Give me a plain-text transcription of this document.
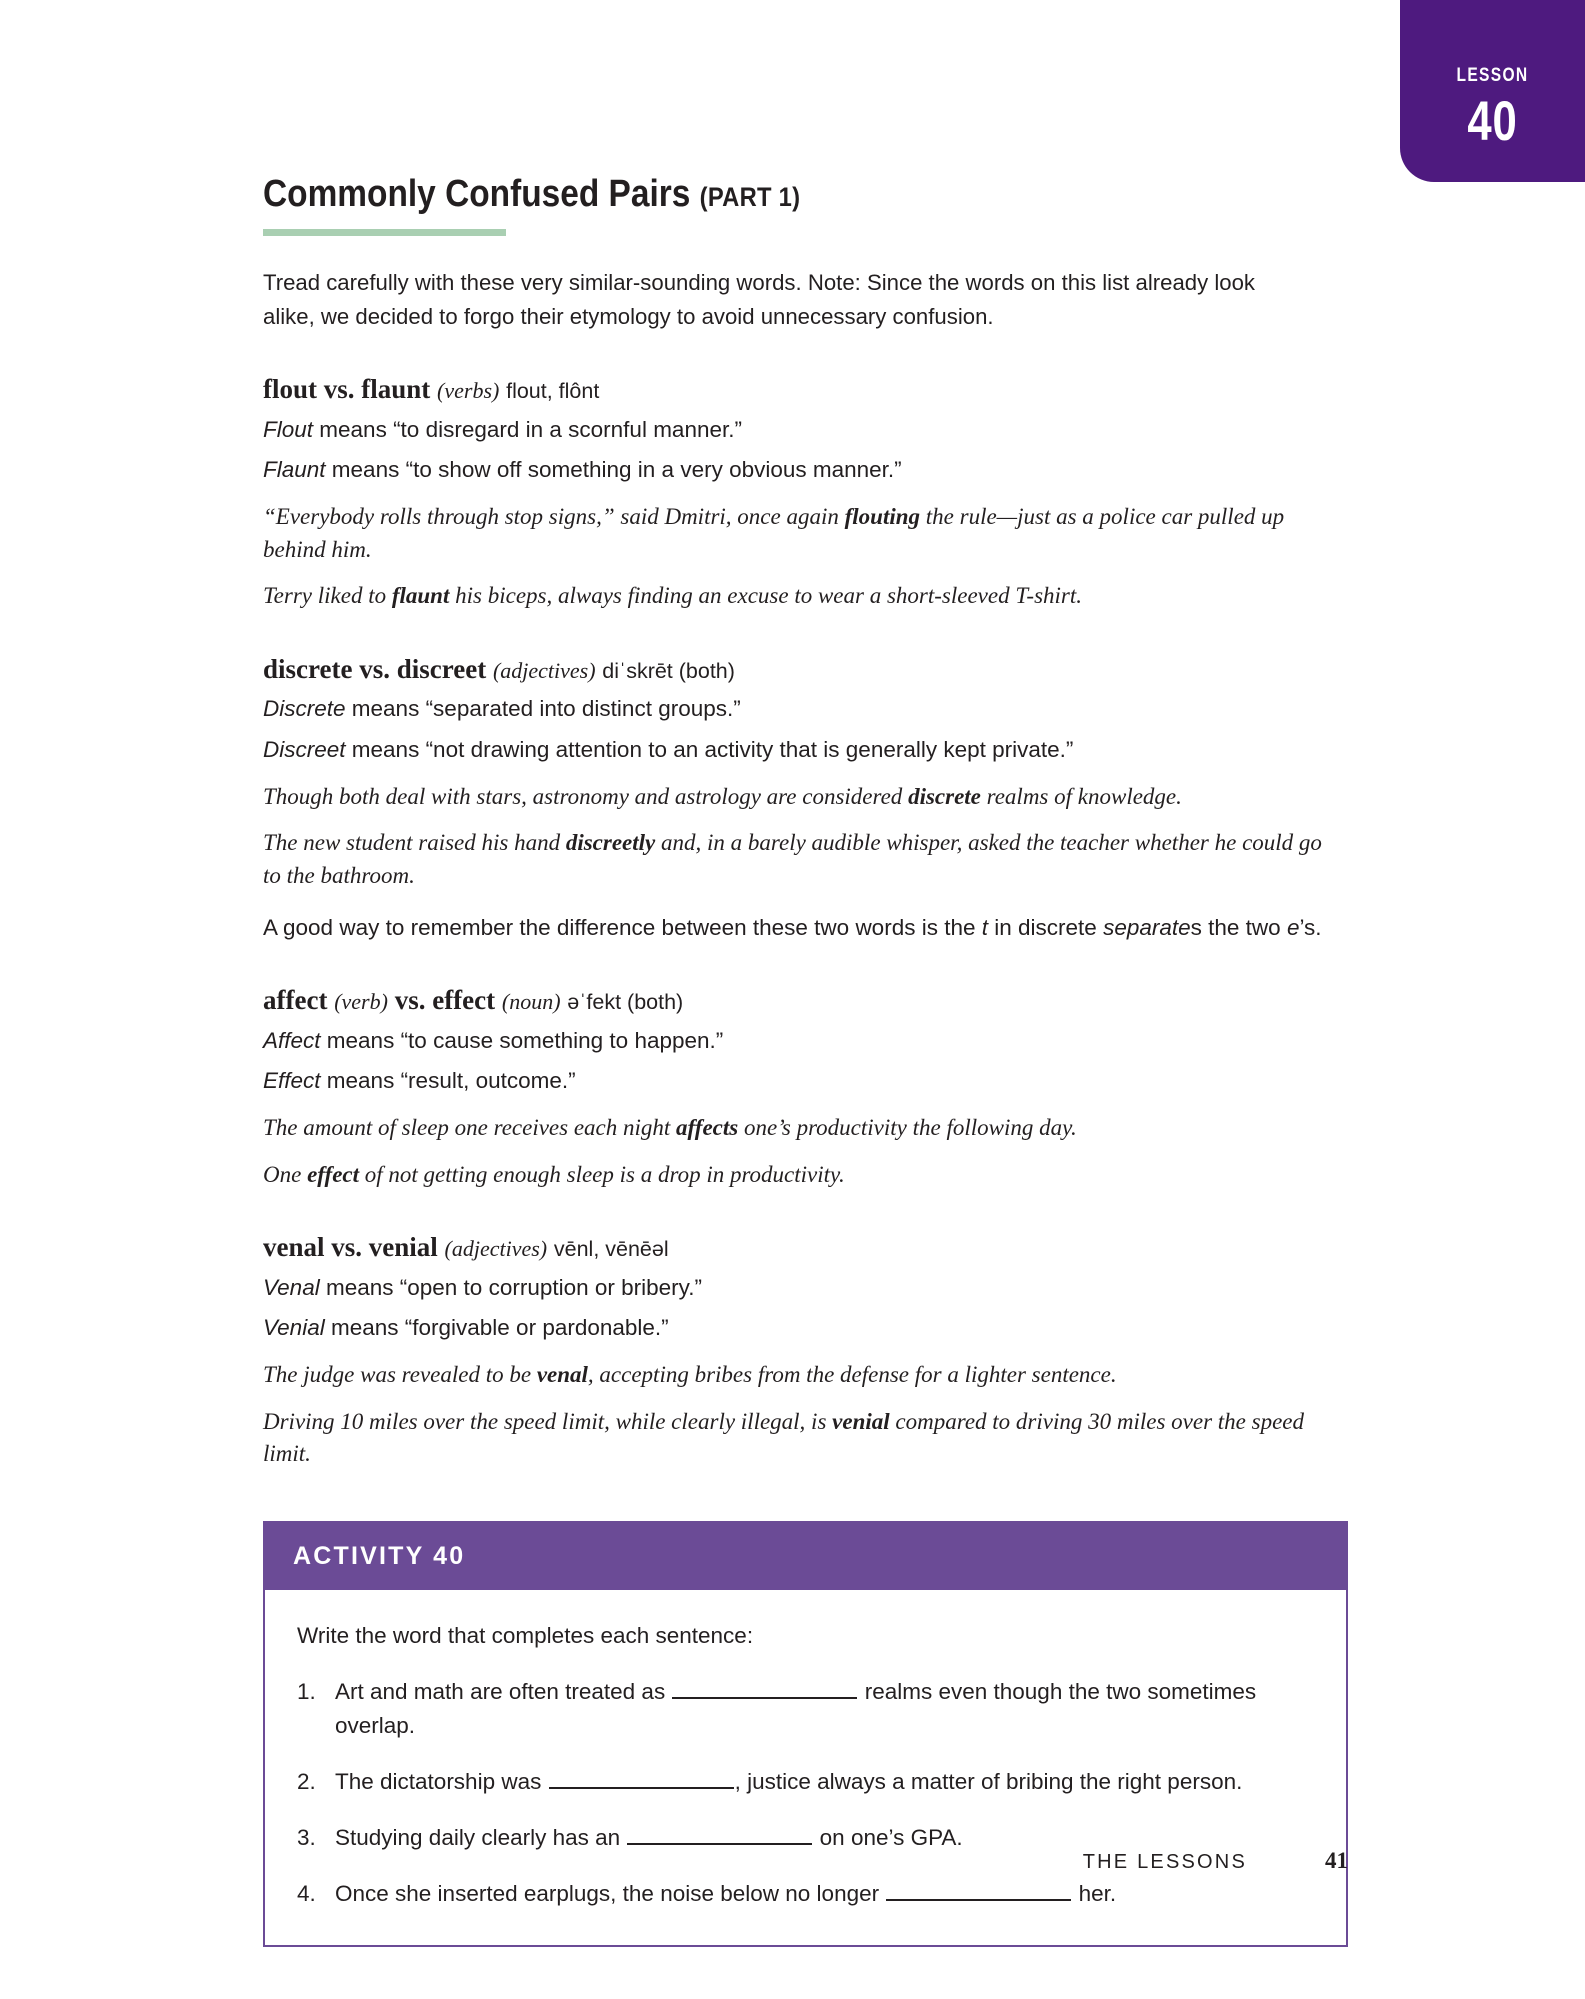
LESSON
40
Commonly Confused Pairs (PART 1)
Tread carefully with these very similar-sounding words. Note: Since the words on this list already look alike, we decided to forgo their etymology to avoid unnecessary confusion.
flout vs. flaunt (verbs) flout, flônt
Flout means “to disregard in a scornful manner.”
Flaunt means “to show off something in a very obvious manner.”
“Everybody rolls through stop signs,” said Dmitri, once again flouting the rule—just as a police car pulled up behind him.
Terry liked to flaunt his biceps, always finding an excuse to wear a short-sleeved T-shirt.
discrete vs. discreet (adjectives) diˈskrēt (both)
Discrete means “separated into distinct groups.”
Discreet means “not drawing attention to an activity that is generally kept private.”
Though both deal with stars, astronomy and astrology are considered discrete realms of knowledge.
The new student raised his hand discreetly and, in a barely audible whisper, asked the teacher whether he could go to the bathroom.
A good way to remember the difference between these two words is the t in discrete separates the two e’s.
affect (verb) vs. effect (noun) əˈfekt (both)
Affect means “to cause something to happen.”
Effect means “result, outcome.”
The amount of sleep one receives each night affects one’s productivity the following day.
One effect of not getting enough sleep is a drop in productivity.
venal vs. venial (adjectives) vēnl, vēnēəl
Venal means “open to corruption or bribery.”
Venial means “forgivable or pardonable.”
The judge was revealed to be venal, accepting bribes from the defense for a lighter sentence.
Driving 10 miles over the speed limit, while clearly illegal, is venial compared to driving 30 miles over the speed limit.
ACTIVITY 40
Write the word that completes each sentence:
1. Art and math are often treated as	realms even though the two sometimes overlap.
2. The dictatorship was	, justice always a matter of bribing the right person.
3. Studying daily clearly has an	on one’s GPA.
4. Once she inserted earplugs, the noise below no longer	her.
THE LESSONS	41
